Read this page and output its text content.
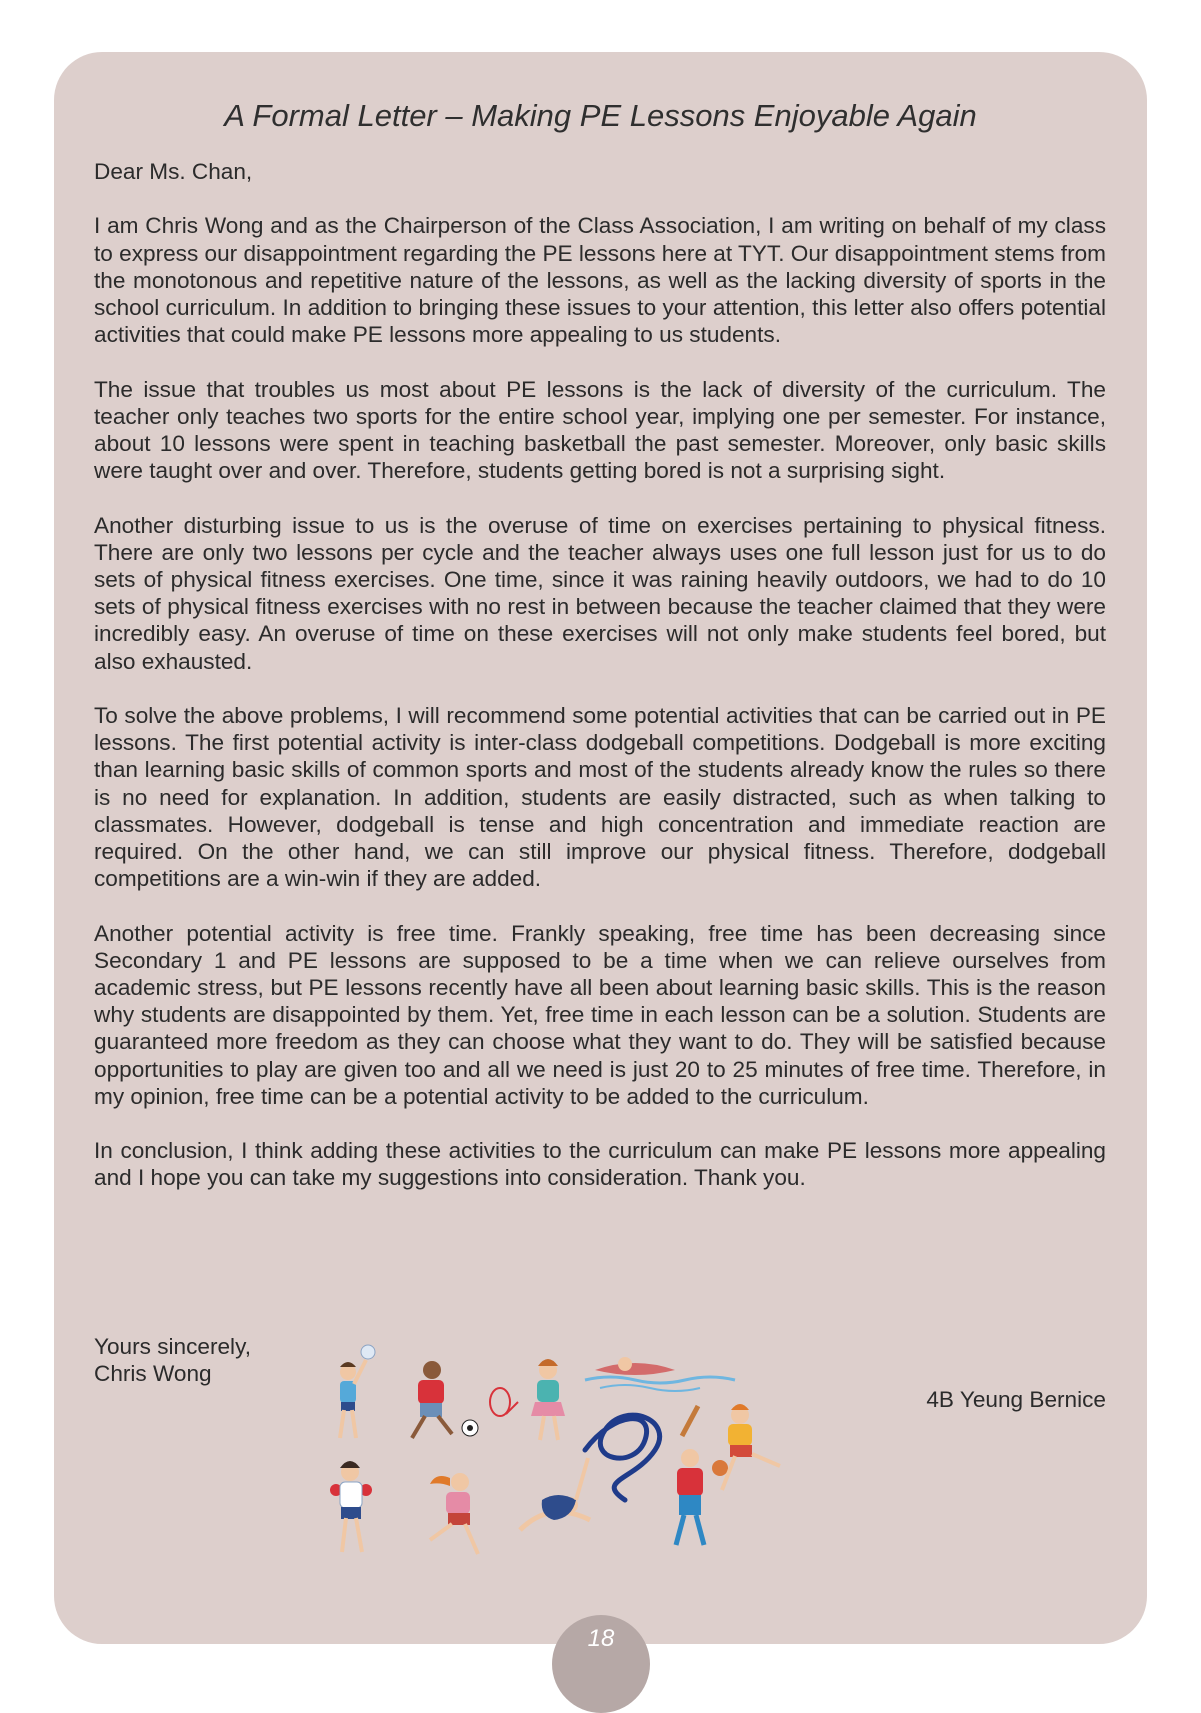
A Formal Letter – Making PE Lessons Enjoyable Again

Dear Ms. Chan,

I am Chris Wong and as the Chairperson of the Class Association, I am writing on behalf of my class to express our disappointment regarding the PE lessons here at TYT. Our disappointment stems from the monotonous and repetitive nature of the lessons, as well as the lacking diversity of sports in the school curriculum. In addition to bringing these issues to your attention, this letter also offers potential activities that could make PE lessons more appealing to us students.

The issue that troubles us most about PE lessons is the lack of diversity of the curriculum. The teacher only teaches two sports for the entire school year, implying one per semester. For instance, about 10 lessons were spent in teaching basketball the past semester. Moreover, only basic skills were taught over and over. Therefore, students getting bored is not a surprising sight.

Another disturbing issue to us is the overuse of time on exercises pertaining to physical fitness. There are only two lessons per cycle and the teacher always uses one full lesson just for us to do sets of physical fitness exercises. One time, since it was raining heavily outdoors, we had to do 10 sets of physical fitness exercises with no rest in between because the teacher claimed that they were incredibly easy. An overuse of time on these exercises will not only make students feel bored, but also exhausted.

To solve the above problems, I will recommend some potential activities that can be carried out in PE lessons. The first potential activity is inter-class dodgeball competitions. Dodgeball is more exciting than learning basic skills of common sports and most of the students already know the rules so there is no need for explanation. In addition, students are easily distracted, such as when talking to classmates. However, dodgeball is tense and high concentration and immediate reaction are required. On the other hand, we can still improve our physical fitness. Therefore, dodgeball competitions are a win-win if they are added.

Another potential activity is free time. Frankly speaking, free time has been decreasing since Secondary 1 and PE lessons are supposed to be a time when we can relieve ourselves from academic stress, but PE lessons recently have all been about learning basic skills. This is the reason why students are disappointed by them. Yet, free time in each lesson can be a solution. Students are guaranteed more freedom as they can choose what they want to do. They will be satisfied because opportunities to play are given too and all we need is just 20 to 25 minutes of free time. Therefore, in my opinion, free time can be a potential activity to be added to the curriculum.

In conclusion, I think adding these activities to the curriculum can make PE lessons more appealing and I hope you can take my suggestions into consideration. Thank you.

Yours sincerely,
Chris Wong
4B Yeung Bernice
18
